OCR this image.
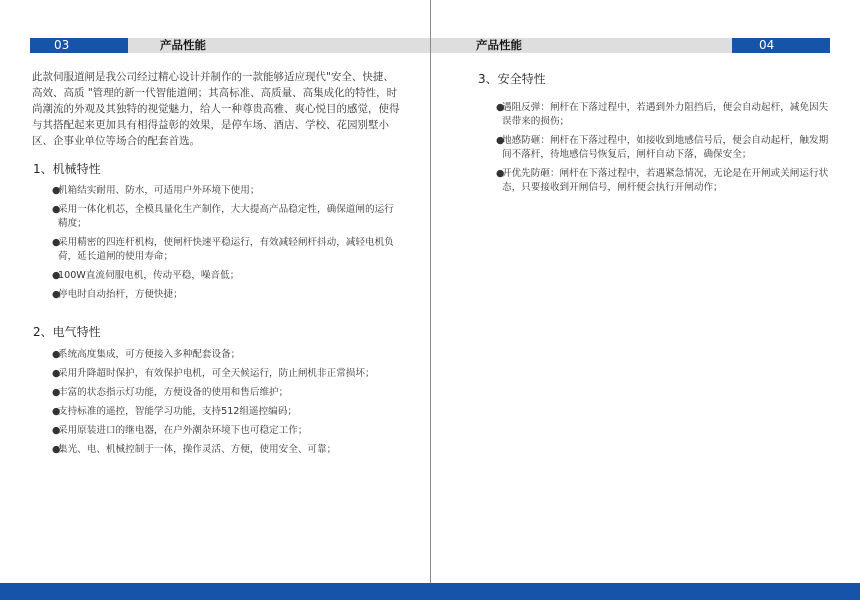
03	产品性能

此款伺服道闸是我公司经过精心设计并制作的一款能够适应现代"安全、快捷、高效、高质 "管理的新一代智能道闸；其高标准、高质量、高集成化的特性，时尚潮流的外观及其独特的视觉魅力，给人一种尊贵高雅、爽心悦目的感觉，使得与其搭配起来更加具有相得益彰的效果，是停车场、酒店、学校、花园别墅小区、企事业单位等场合的配套首选。

1、机械特性
●
机箱结实耐用、防水，可适用户外环境下使用；
●
采用一体化机芯，全模具量化生产制作，大大提高产品稳定性，确保道闸的运行精度；
●
采用精密的四连杆机构，使闸杆快速平稳运行，有效减轻闸杆抖动，减轻电机负荷，延长道闸的使用寿命；
●
100W直流伺服电机，传动平稳，噪音低；
●
停电时自动抬杆，方便快捷；
2、电气特性
●
系统高度集成，可方便接入多种配套设备；
●
采用升降超时保护，有效保护电机，可全天候运行，防止闸机非正常损坏；
●
丰富的状态指示灯功能，方便设备的使用和售后维护；
●
支持标准的遥控，智能学习功能，支持512组遥控编码；
●
采用原装进口的继电器，在户外潮杂环境下也可稳定工作；
●
集光、电、机械控制于一体，操作灵活、方便，使用安全、可靠；
产品性能	04
3、安全特性
●
遇阻反弹：闸杆在下落过程中，若遇到外力阻挡后，便会自动起杆，减免因失误带来的损伤；
●
地感防砸：闸杆在下落过程中，如接收到地感信号后，便会自动起杆，触发期间不落杆，待地感信号恢复后，闸杆自动下落，确保安全；
●
开优先防砸：闸杆在下落过程中，若遇紧急情况，无论是在开闸或关闸运行状态，只要接收到开闸信号，闸杆便会执行开闸动作；
